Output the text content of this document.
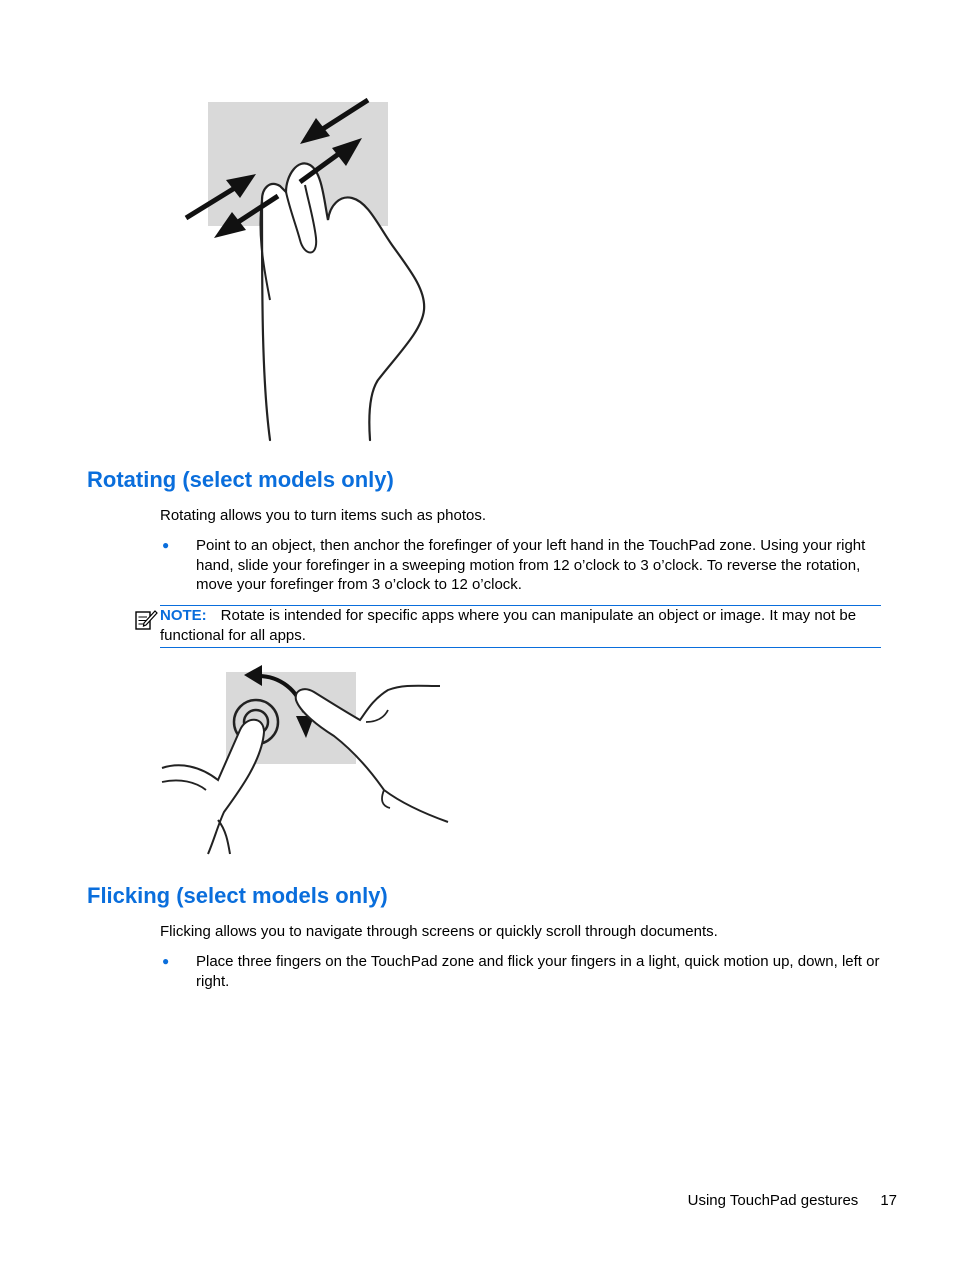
Rotating (select models only)

Rotating allows you to turn items such as photos.

●	Point to an object, then anchor the forefinger of your left hand in the TouchPad zone. Using your right hand, slide your forefinger in a sweeping motion from 12 o’clock to 3 o’clock. To reverse the rotation, move your forefinger from 3 o’clock to 12 o’clock.
NOTE: Rotate is intended for specific apps where you can manipulate an object or image. It may not be functional for all apps.
Flicking (select models only)

Flicking allows you to navigate through screens or quickly scroll through documents.

●	Place three fingers on the TouchPad zone and flick your fingers in a light, quick motion up, down, left or right.
Using TouchPad gestures 17
